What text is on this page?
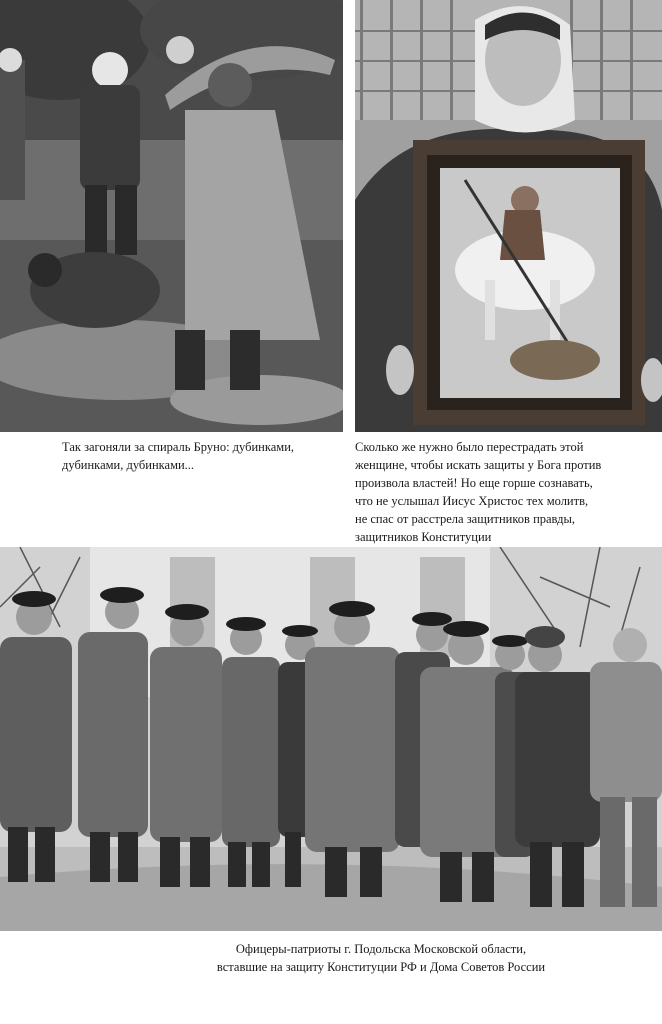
Так загоняли за спираль Бруно: дубинками,
дубинками, дубинками...

Сколько же нужно было перестрадать этой
женщине, чтобы искать защиты у Бога против
произвола властей! Но еще горше сознавать,
что не услышал Иисус Христос тех молитв,
не спас от расстрела защитников правды,
защитников Конституции

Офицеры-патриоты г. Подольска Московской области,
вставшие на защиту Конституции РФ и Дома Советов России
